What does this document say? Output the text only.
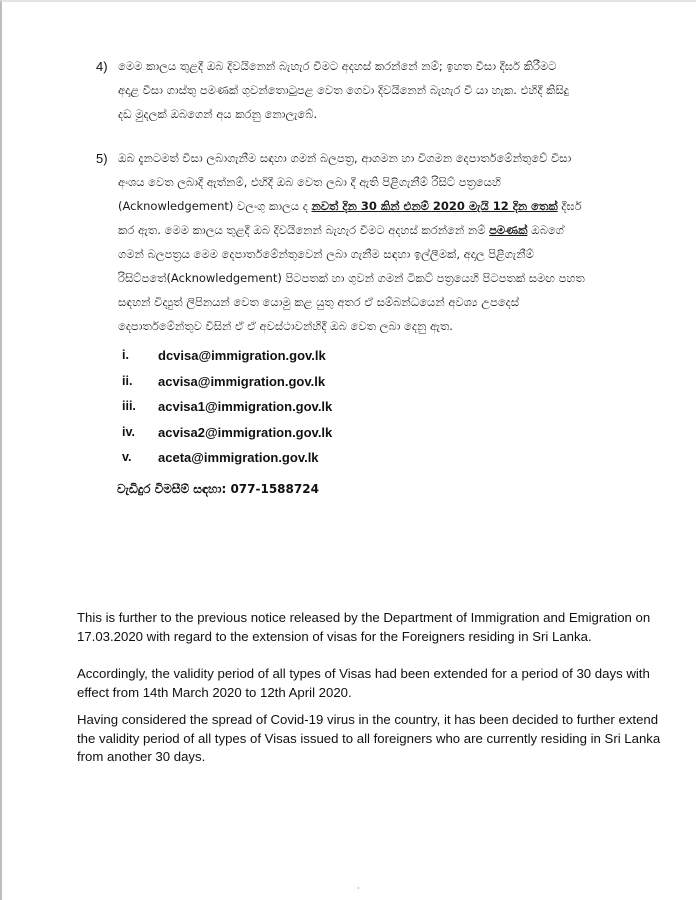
4) මෙම කාලය තුළදී ඔබ දිවයිනෙන් බැහැර වීමට අදහස් කරන්නේ නම්; ඉහත වීසා දීර්ඝ කිරීමට
අදාළ වීසා ගාස්තු පමණක් ගුවන්තොටුපළ වෙත ගෙවා දිවයිනෙන් බැහැර වී යා හැක. එහිදී කිසිදු
දඩ මුදලක් ඔබගෙන් අය කරනු නොලැබේ.
5) ඔබ දැනටමත් වීසා ලබාගැනීම සඳහා ගමන් බලපත්‍ර, ආගමන හා විගමන දෙපාර්තමේන්තුවේ වීසා
අංශය වෙත ලබාදී ඇත්නම්, එහිදී ඔබ වෙත ලබා දී ඇති පිළිගැනීම් රිසිට් පත්‍රයෙහි
(Acknowledgement) වලංගු කාලය ද නවත් දින 30 කින් එනම් 2020 මැයි 12 දින තෙක් දීර්ඝ
කර ඇත. මෙම කාලය තුළදී ඔබ දිවයිනෙන් බැහැර වීමට අදහස් කරන්නේ නම් පමණක් ඔබගේ
ගමන් බලපත්‍රය මෙම දෙපාර්තමේන්තුවෙන් ලබා ගැනීම සඳහා ඉල්ලීමක්, අදාල පිළිගැනීම්
රිසිට්පතේ(Acknowledgement) පිටපතක් හා ගුවන් ගමන් ටිකට් පත්‍රයෙහි පිටපතක් සමඟ පහත
සඳහන් විද්‍යුත් ලිපිනයන් වෙත යොමු කළ යුතු අතර ඒ සම්බන්ධයෙන් අවශ්‍ය උපදෙස්
දෙපාර්තමේන්තුව විසින් ඒ ඒ අවස්ථාවන්හිදී ඔබ වෙත ලබා දෙනු ඇත.
i.	dcvisa@immigration.gov.lk
ii.	acvisa@immigration.gov.lk
iii.	acvisa1@immigration.gov.lk
iv.	acvisa2@immigration.gov.lk
v.	aceta@immigration.gov.lk
වැඩිදුර විමසීම් සඳහා: 077-1588724

This is further to the previous notice released by the Department of Immigration and Emigration on 17.03.2020 with regard to the extension of visas for the Foreigners residing in Sri Lanka.

Accordingly, the validity period of all types of Visas had been extended for a period of 30 days with effect from 14th March 2020 to 12th April 2020.

Having considered the spread of Covid-19 virus in the country, it has been decided to further extend the validity period of all types of Visas issued to all foreigners who are currently residing in Sri Lanka from another 30 days.

·
